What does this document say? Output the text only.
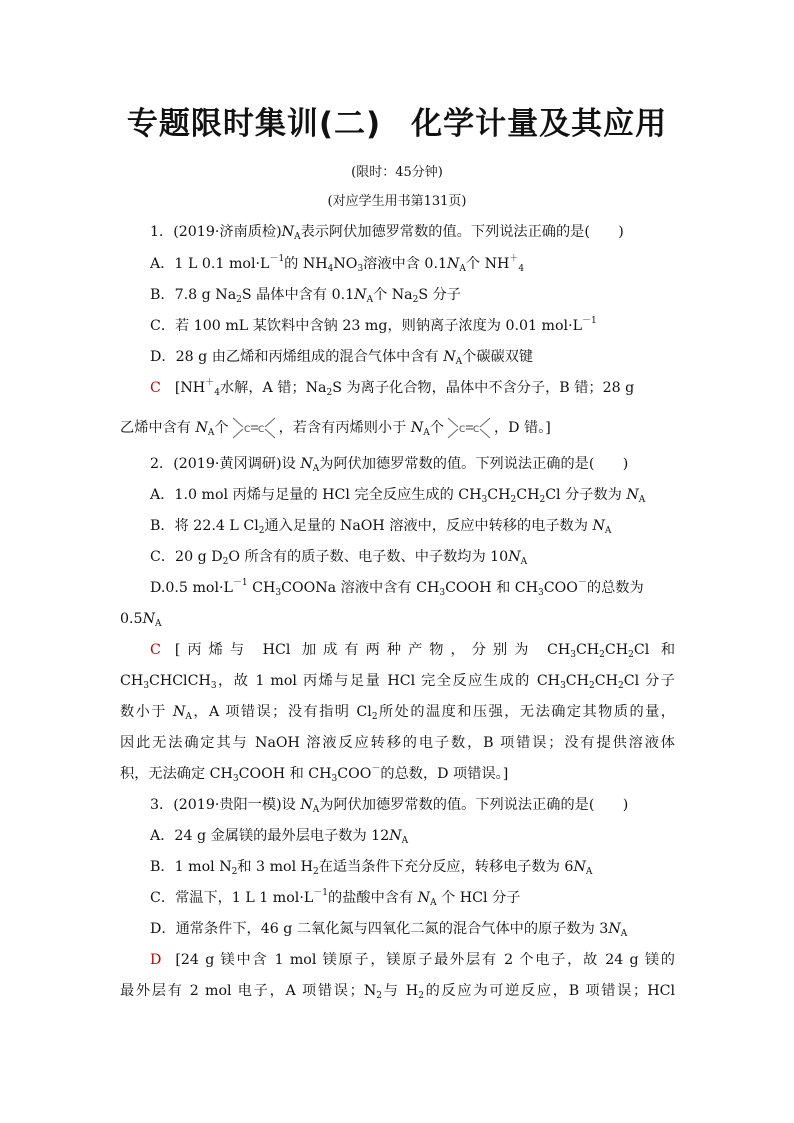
专题限时集训(二) 化学计量及其应用
(限时：45分钟)
(对应学生用书第131页)
1．(2019·济南质检)$N_A$表示阿伏加德罗常数的值。下列说法正确的是(　　)
A．1 L 0.1 $mol\cdot L^{-1}$的 $NH_4NO_3$溶液中含 $0.1N_A$个 $NH^+_4$
B．7.8 g $Na_2S$ 晶体中含有 $0.1N_A$个 $Na_2S$ 分子
C．若 100 mL 某饮料中含钠 23 mg，则钠离子浓度为 0.01 $mol\cdot L^{-1}$
D．28 g 由乙烯和丙烯组成的混合气体中含有 $N_A$个碳碳双键
C [$NH^+_4$水解，A 错；$Na_2S$ 为离子化合物，晶体中不含分子，B 错；28 g
乙烯中含有 $N_A$个 C C ，若含有丙烯则小于 $N_A$个 C C ，D 错。]
2．(2019·黄冈调研)设 $N_A$为阿伏加德罗常数的值。下列说法正确的是(　　)
A．1.0 mol 丙烯与足量的 HCl 完全反应生成的 $CH_3CH_2CH_2Cl$ 分子数为 $N_A$
B．将 22.4 L $Cl_2$通入足量的 NaOH 溶液中，反应中转移的电子数为 $N_A$
C．20 g $D_2O$ 所含有的质子数、电子数、中子数均为 $10N_A$
D.0.5 $mol\cdot L^{-1}$ $CH_3COONa$ 溶液中含有 $CH_3COOH$ 和 $CH_3COO^-$的总数为
$0.5N_A$
C [丙烯与 HCl 加成有两种产物，分别为 $CH_3CH_2CH_2Cl$ 和
$CH_3CHClCH_3$，故 1 mol 丙烯与足量 HCl 完全反应生成的 $CH_3CH_2CH_2Cl$ 分子
数小于 $N_A$，A 项错误；没有指明 $Cl_2$所处的温度和压强，无法确定其物质的量，
因此无法确定其与 NaOH 溶液反应转移的电子数，B 项错误；没有提供溶液体
积，无法确定 $CH_3COOH$ 和 $CH_3COO^-$的总数，D 项错误。]
3．(2019·贵阳一模)设 $N_A$为阿伏加德罗常数的值。下列说法正确的是(　　)
A．24 g 金属镁的最外层电子数为 $12N_A$
B．1 mol $N_2$和 3 mol $H_2$在适当条件下充分反应，转移电子数为 $6N_A$
C．常温下，1 L 1 $mol\cdot L^{-1}$的盐酸中含有 $N_A$ 个 HCl 分子
D．通常条件下，46 g 二氧化氮与四氧化二氮的混合气体中的原子数为 $3N_A$
D [24 g 镁中含 1 mol 镁原子，镁原子最外层有 2 个电子，故 24 g 镁的
最外层有 2 mol 电子，A 项错误；$N_2$与 $H_2$的反应为可逆反应，B 项错误；HCl
